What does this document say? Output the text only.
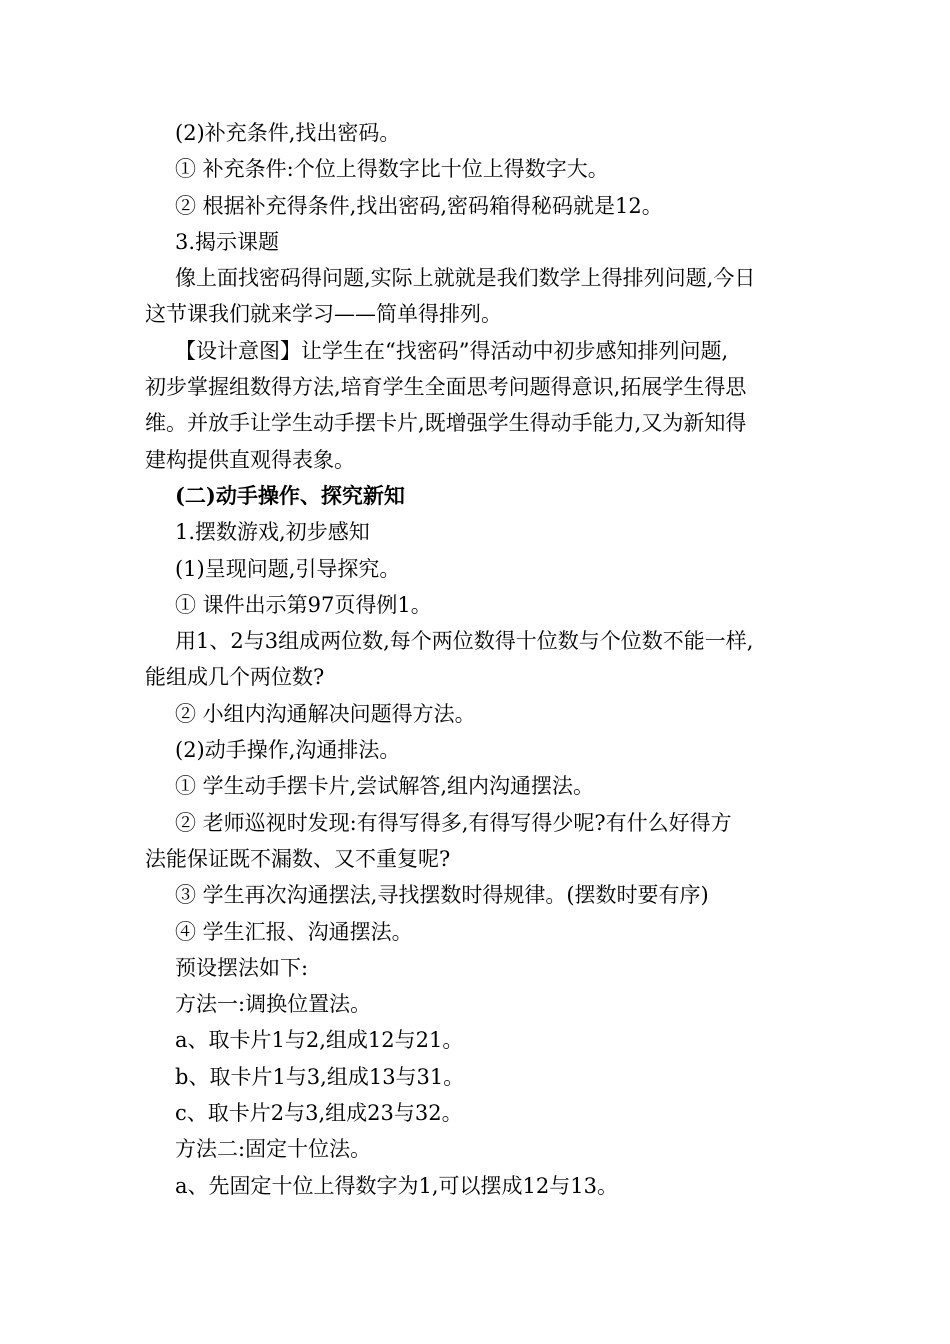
(2)补充条件,找出密码。
① 补充条件:个位上得数字比十位上得数字大。
② 根据补充得条件,找出密码,密码箱得秘码就是12。
3.揭示课题
像上面找密码得问题,实际上就就是我们数学上得排列问题,今日
这节课我们就来学习——简单得排列。
【设计意图】让学生在“找密码”得活动中初步感知排列问题,
初步掌握组数得方法,培育学生全面思考问题得意识,拓展学生得思
维。并放手让学生动手摆卡片,既增强学生得动手能力,又为新知得
建构提供直观得表象。
(二)动手操作、探究新知
1.摆数游戏,初步感知
(1)呈现问题,引导探究。
① 课件出示第97页得例1。
用1、2与3组成两位数,每个两位数得十位数与个位数不能一样,
能组成几个两位数?
② 小组内沟通解决问题得方法。
(2)动手操作,沟通排法。
① 学生动手摆卡片,尝试解答,组内沟通摆法。
② 老师巡视时发现:有得写得多,有得写得少呢?有什么好得方
法能保证既不漏数、又不重复呢?
③ 学生再次沟通摆法,寻找摆数时得规律。(摆数时要有序)
④ 学生汇报、沟通摆法。
预设摆法如下:
方法一:调换位置法。
a、取卡片1与2,组成12与21。
b、取卡片1与3,组成13与31。
c、取卡片2与3,组成23与32。
方法二:固定十位法。
a、先固定十位上得数字为1,可以摆成12与13。
